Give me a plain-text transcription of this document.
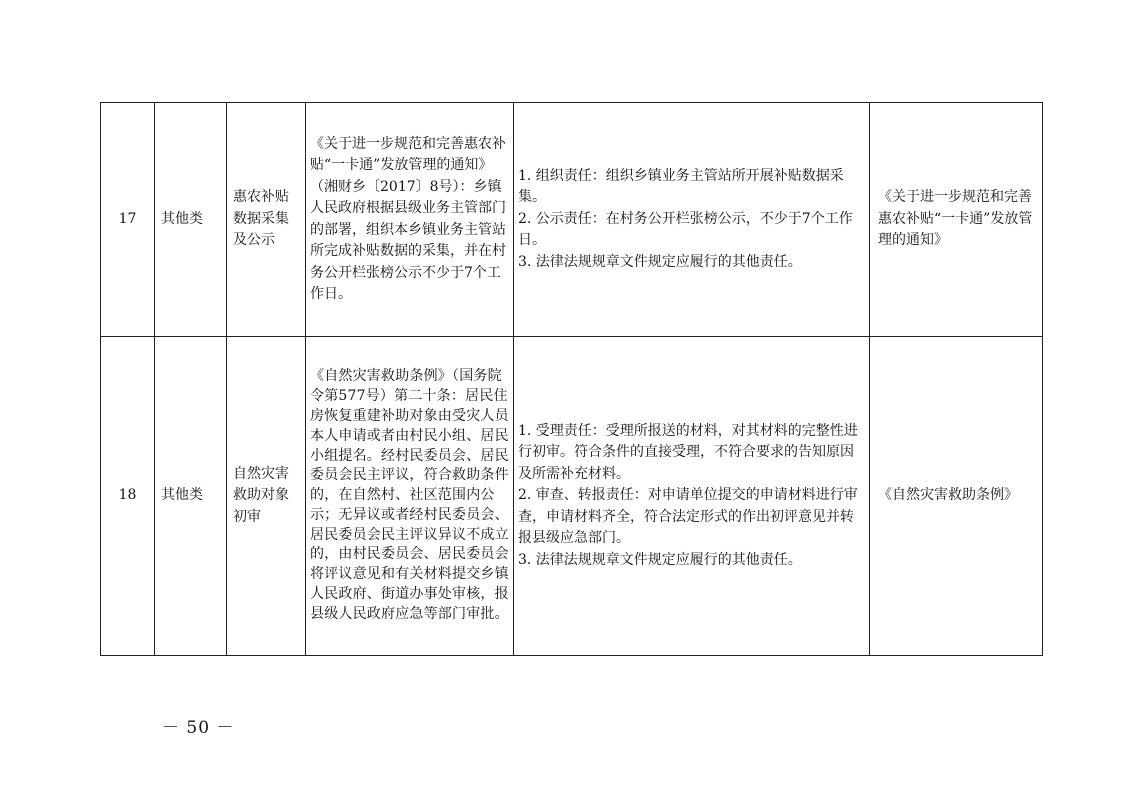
17	其他类	惠农补贴数据采集及公示	《关于进一步规范和完善惠农补贴“一卡通”发放管理的通知》（湘财乡〔2017〕8号）：乡镇人民政府根据县级业务主管部门的部署，组织本乡镇业务主管站所完成补贴数据的采集，并在村务公开栏张榜公示不少于7个工作日。	1. 组织责任：组织乡镇业务主管站所开展补贴数据采集。
2. 公示责任：在村务公开栏张榜公示，不少于7个工作日。
3. 法律法规规章文件规定应履行的其他责任。	《关于进一步规范和完善惠农补贴“一卡通”发放管理的通知》
18	其他类	自然灾害救助对象初审	《自然灾害救助条例》（国务院令第577号）第二十条：居民住房恢复重建补助对象由受灾人员本人申请或者由村民小组、居民小组提名。经村民委员会、居民委员会民主评议，符合救助条件的，在自然村、社区范围内公示；无异议或者经村民委员会、居民委员会民主评议异议不成立的，由村民委员会、居民委员会将评议意见和有关材料提交乡镇人民政府、街道办事处审核，报县级人民政府应急等部门审批。	1. 受理责任：受理所报送的材料，对其材料的完整性进行初审。符合条件的直接受理，不符合要求的告知原因及所需补充材料。
2. 审查、转报责任：对申请单位提交的申请材料进行审查，申请材料齐全，符合法定形式的作出初评意见并转报县级应急部门。
3. 法律法规规章文件规定应履行的其他责任。	《自然灾害救助条例》
－ 50 －
